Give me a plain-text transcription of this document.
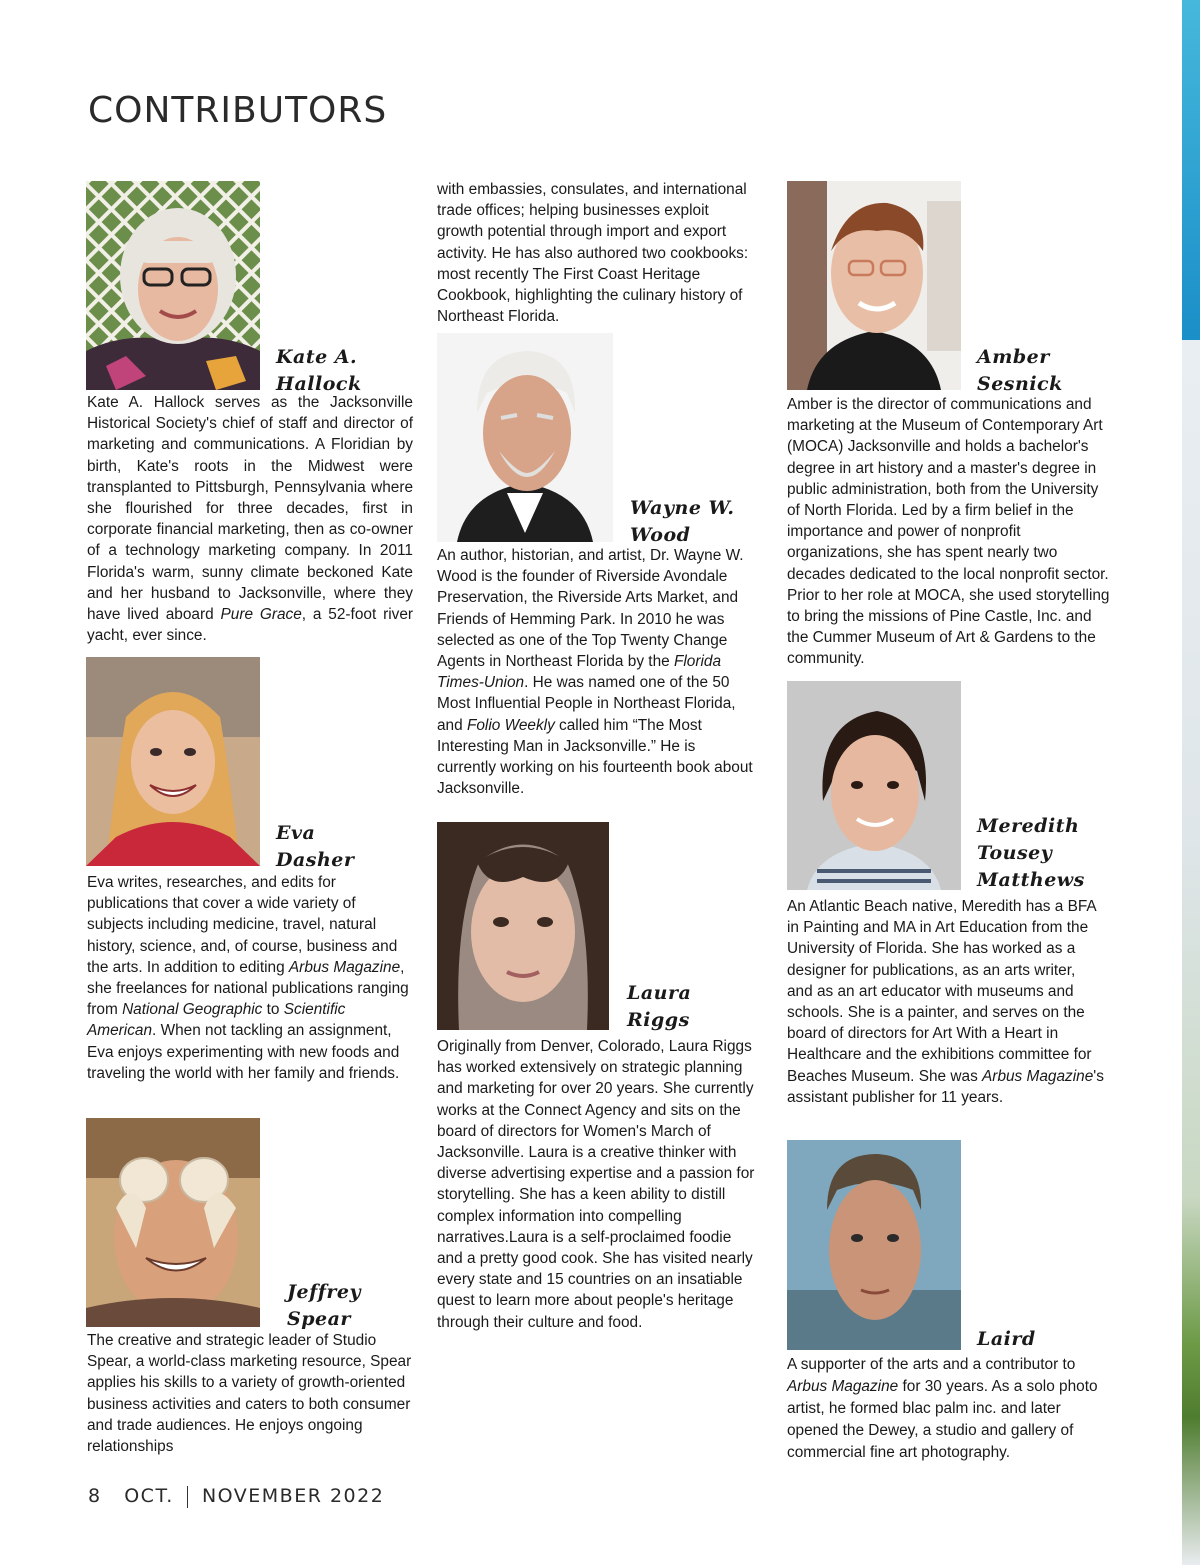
CONTRIBUTORS
Kate A.
Hallock

Kate A. Hallock serves as the Jacksonville Historical Society's chief of staff and director of marketing and communications. A Floridian by birth, Kate's roots in the Midwest were transplanted to Pittsburgh, Pennsylvania where she flourished for three decades, first in corporate financial marketing, then as co-owner of a technology marketing company. In 2011 Florida's warm, sunny climate beckoned Kate and her husband to Jacksonville, where they have lived aboard Pure Grace, a 52-foot river yacht, ever since.

Eva
Dasher

Eva writes, researches, and edits for publications that cover a wide variety of subjects including medicine, travel, natural history, science, and, of course, business and the arts. In addition to editing Arbus Magazine, she freelances for national publications ranging from National Geographic to Scientific American. When not tackling an assignment, Eva enjoys experimenting with new foods and traveling the world with her family and friends.

Jeffrey
Spear

The creative and strategic leader of Studio Spear, a world-class marketing resource, Spear applies his skills to a variety of growth-oriented business activities and caters to both consumer and trade audiences. He enjoys ongoing relationships

with embassies, consulates, and international trade offices; helping businesses exploit growth potential through import and export activity. He has also authored two cookbooks: most recently The First Coast Heritage Cookbook, highlighting the culinary history of Northeast Florida.

Wayne W.
Wood

An author, historian, and artist, Dr. Wayne W. Wood is the founder of Riverside Avondale Preservation, the Riverside Arts Market, and Friends of Hemming Park. In 2010 he was selected as one of the Top Twenty Change Agents in Northeast Florida by the Florida Times-Union. He was named one of the 50 Most Influential People in Northeast Florida, and Folio Weekly called him “The Most Interesting Man in Jacksonville.” He is currently working on his fourteenth book about Jacksonville.

Laura
Riggs

Originally from Denver, Colorado, Laura Riggs has worked extensively on strategic planning and marketing for over 20 years. She currently works at the Connect Agency and sits on the board of directors for Women's March of Jacksonville. Laura is a creative thinker with diverse advertising expertise and a passion for storytelling. She has a keen ability to distill complex information into compelling narratives.Laura is a self-proclaimed foodie and a pretty good cook. She has visited nearly every state and 15 countries on an insatiable quest to learn more about people's heritage through their culture and food.

Amber
Sesnick

Amber is the director of communications and marketing at the Museum of Contemporary Art (MOCA) Jacksonville and holds a bachelor's degree in art history and a master's degree in public administration, both from the University of North Florida. Led by a firm belief in the importance and power of nonprofit organizations, she has spent nearly two decades dedicated to the local nonprofit sector. Prior to her role at MOCA, she used storytelling to bring the missions of Pine Castle, Inc. and the Cummer Museum of Art & Gardens to the community.

Meredith
Tousey
Matthews

An Atlantic Beach native, Meredith has a BFA in Painting and MA in Art Education from the University of Florida. She has worked as a designer for publications, as an arts writer, and as an art educator with museums and schools. She is a painter, and serves on the board of directors for Art With a Heart in Healthcare and the exhibitions committee for Beaches Museum. She was Arbus Magazine's assistant publisher for 11 years.

Laird

A supporter of the arts and a contributor to Arbus Magazine for 30 years. As a solo photo artist, he formed blac palm inc. and later opened the Dewey, a studio and gallery of commercial fine art photography.

8 OCT. NOVEMBER 2022
